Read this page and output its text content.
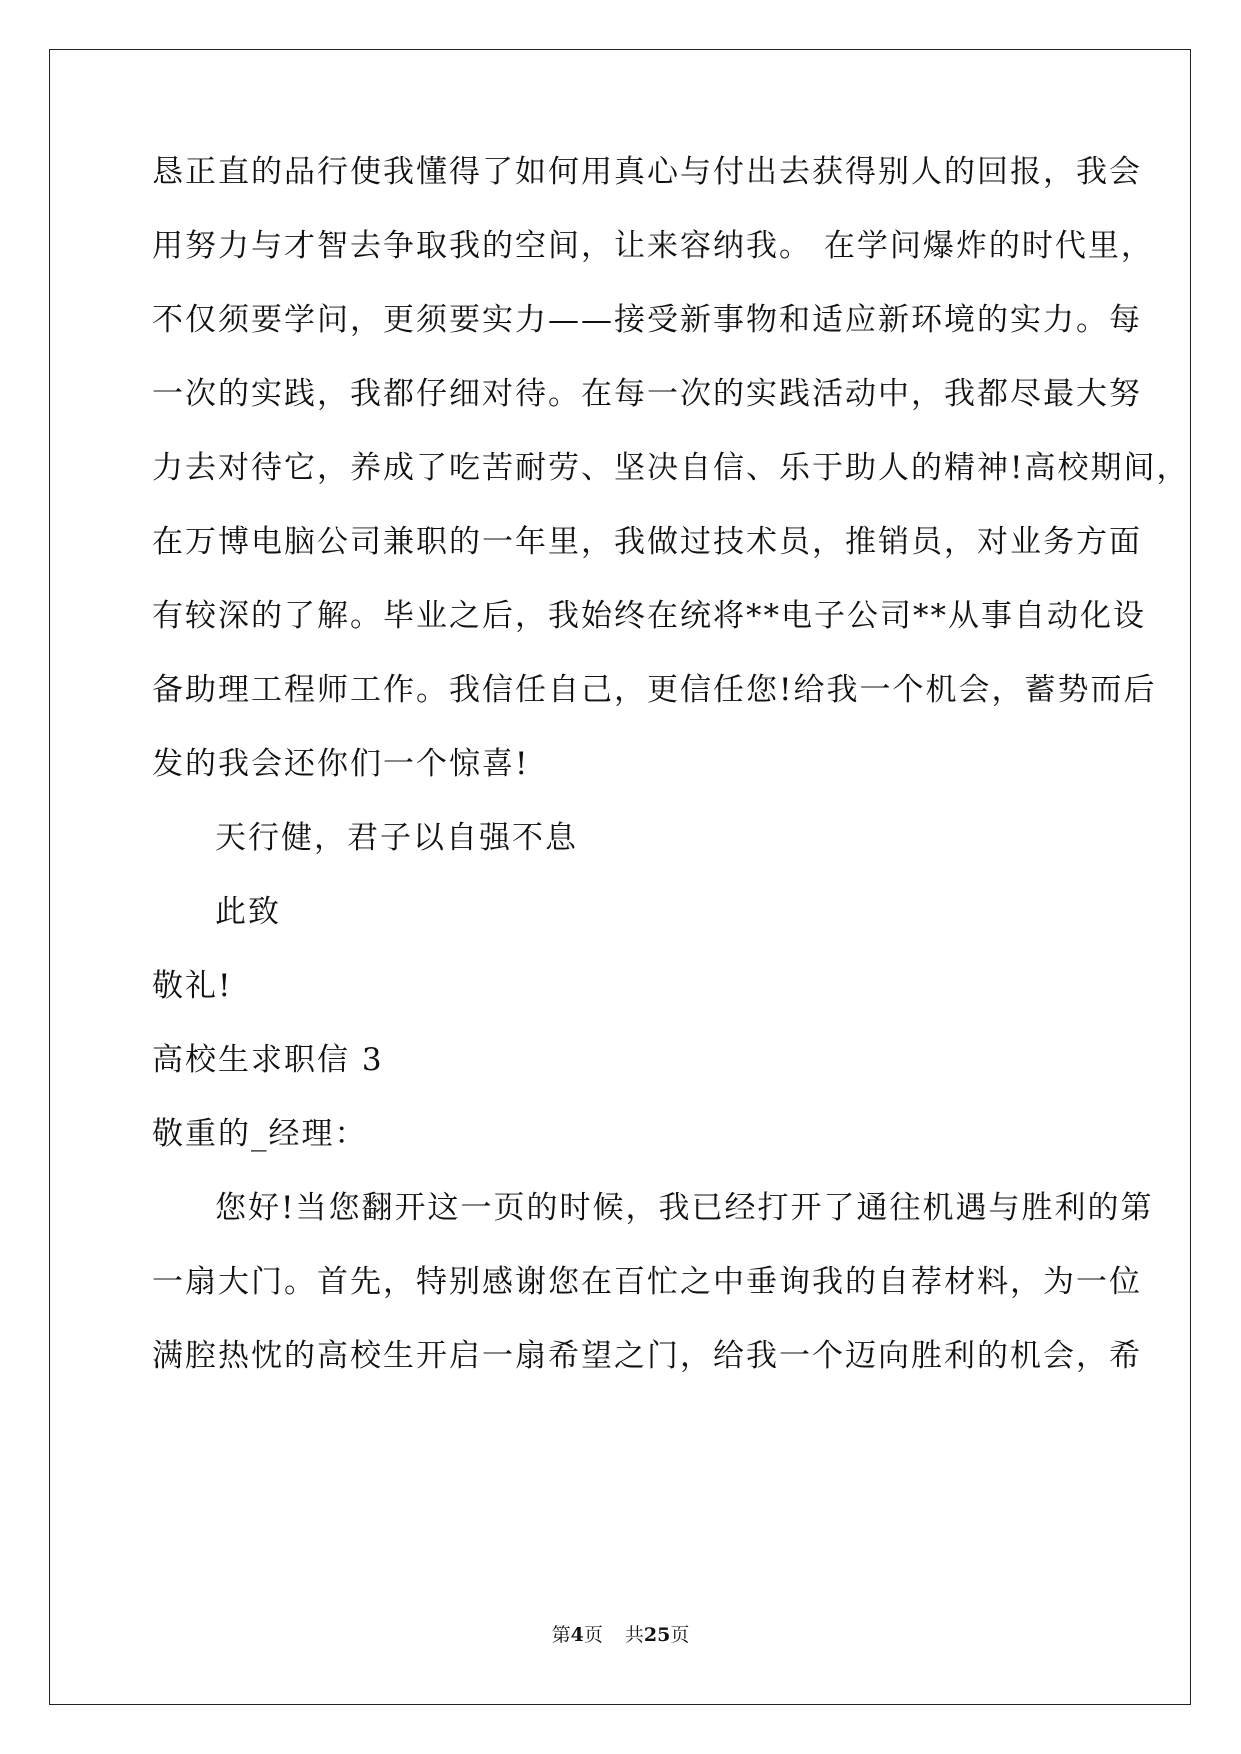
恳正直的品行使我懂得了如何用真心与付出去获得别人的回报，我会
用努力与才智去争取我的空间，让来容纳我。 在学问爆炸的时代里，
不仅须要学问，更须要实力——接受新事物和适应新环境的实力。每
一次的实践，我都仔细对待。在每一次的实践活动中，我都尽最大努
力去对待它，养成了吃苦耐劳、坚决自信、乐于助人的精神!高校期间，
在万博电脑公司兼职的一年里，我做过技术员，推销员，对业务方面
有较深的了解。毕业之后，我始终在统将**电子公司**从事自动化设
备助理工程师工作。我信任自己，更信任您!给我一个机会，蓄势而后
发的我会还你们一个惊喜!
天行健，君子以自强不息
此致
敬礼!
高校生求职信 3
敬重的_经理：
您好!当您翻开这一页的时候，我已经打开了通往机遇与胜利的第
一扇大门。首先，特别感谢您在百忙之中垂询我的自荐材料，为一位
满腔热忱的高校生开启一扇希望之门，给我一个迈向胜利的机会，希
第4页 共25页
